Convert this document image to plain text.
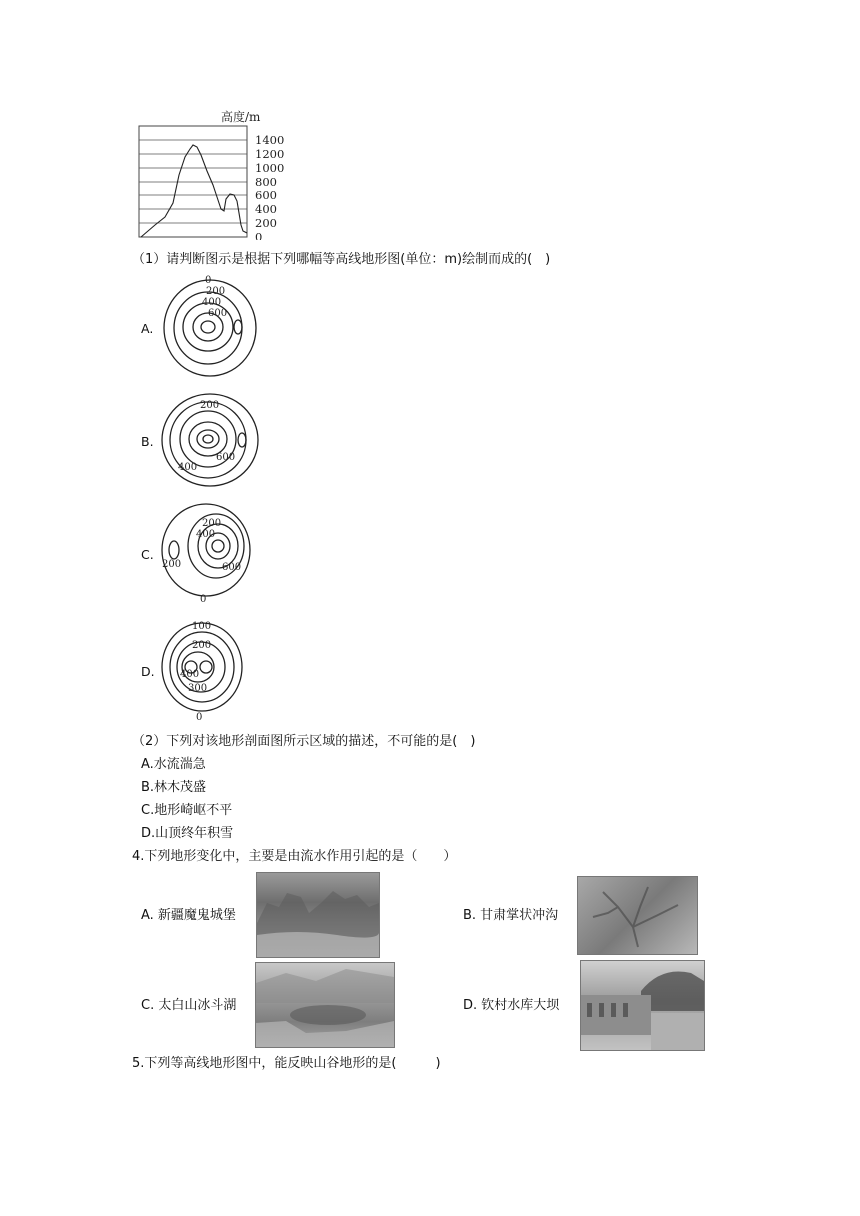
高度/m
1400
1200
1000
800
600
400
200
0
（1）请判断图示是根据下列哪幅等高线地形图(单位：m)绘制而成的(　)
A.
0
200
400
600
B.
200
400
600
C.
200
400
600
200
0
D.
100
200
400
300
0
（2）下列对该地形剖面图所示区域的描述，不可能的是(　)
A.水流湍急
B.林木茂盛
C.地形崎岖不平
D.山顶终年积雪
4.下列地形变化中，主要是由流水作用引起的是（　　）
A. 新疆魔鬼城堡	B. 甘肃掌状冲沟
C. 太白山冰斗湖	D. 钦村水库大坝
5.下列等高线地形图中，能反映山谷地形的是(　　　)
